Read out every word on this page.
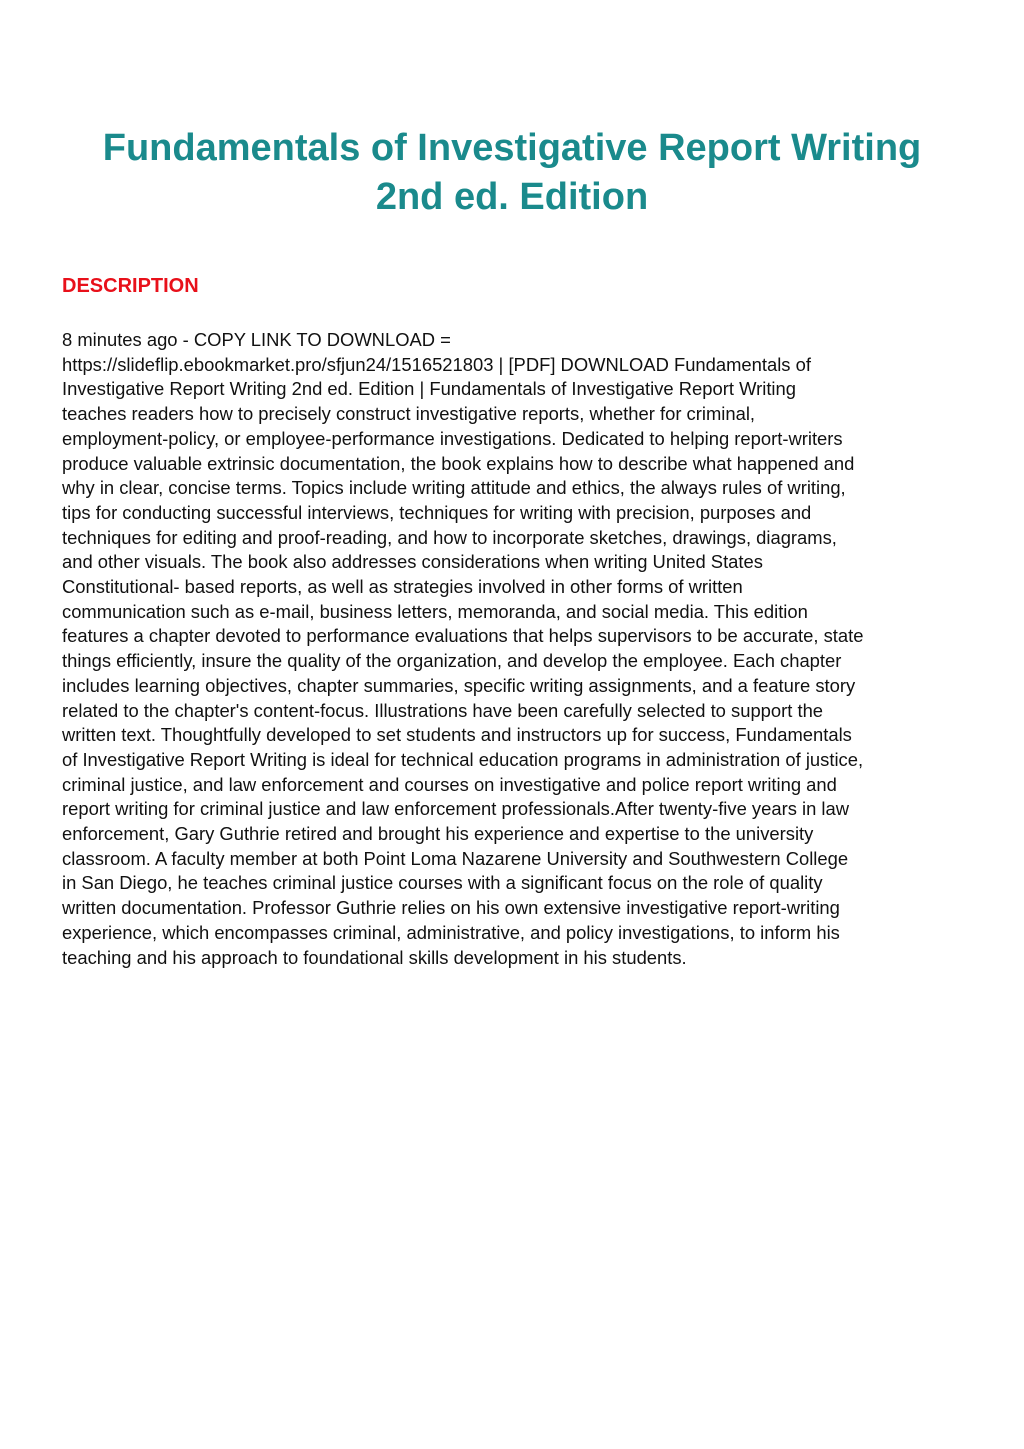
Fundamentals of Investigative Report Writing
2nd ed. Edition
DESCRIPTION

8 minutes ago - COPY LINK TO DOWNLOAD =
https://slideflip.ebookmarket.pro/sfjun24/1516521803 | [PDF] DOWNLOAD Fundamentals of
Investigative Report Writing 2nd ed. Edition | Fundamentals of Investigative Report Writing
teaches readers how to precisely construct investigative reports, whether for criminal,
employment-policy, or employee-performance investigations. Dedicated to helping report-writers
produce valuable extrinsic documentation, the book explains how to describe what happened and
why in clear, concise terms. Topics include writing attitude and ethics, the always rules of writing,
tips for conducting successful interviews, techniques for writing with precision, purposes and
techniques for editing and proof-reading, and how to incorporate sketches, drawings, diagrams,
and other visuals. The book also addresses considerations when writing United States
Constitutional- based reports, as well as strategies involved in other forms of written
communication such as e-mail, business letters, memoranda, and social media. This edition
features a chapter devoted to performance evaluations that helps supervisors to be accurate, state
things efficiently, insure the quality of the organization, and develop the employee. Each chapter
includes learning objectives, chapter summaries, specific writing assignments, and a feature story
related to the chapter's content-focus. Illustrations have been carefully selected to support the
written text. Thoughtfully developed to set students and instructors up for success, Fundamentals
of Investigative Report Writing is ideal for technical education programs in administration of justice,
criminal justice, and law enforcement and courses on investigative and police report writing and
report writing for criminal justice and law enforcement professionals.After twenty-five years in law
enforcement, Gary Guthrie retired and brought his experience and expertise to the university
classroom. A faculty member at both Point Loma Nazarene University and Southwestern College
in San Diego, he teaches criminal justice courses with a significant focus on the role of quality
written documentation. Professor Guthrie relies on his own extensive investigative report-writing
experience, which encompasses criminal, administrative, and policy investigations, to inform his
teaching and his approach to foundational skills development in his students.
